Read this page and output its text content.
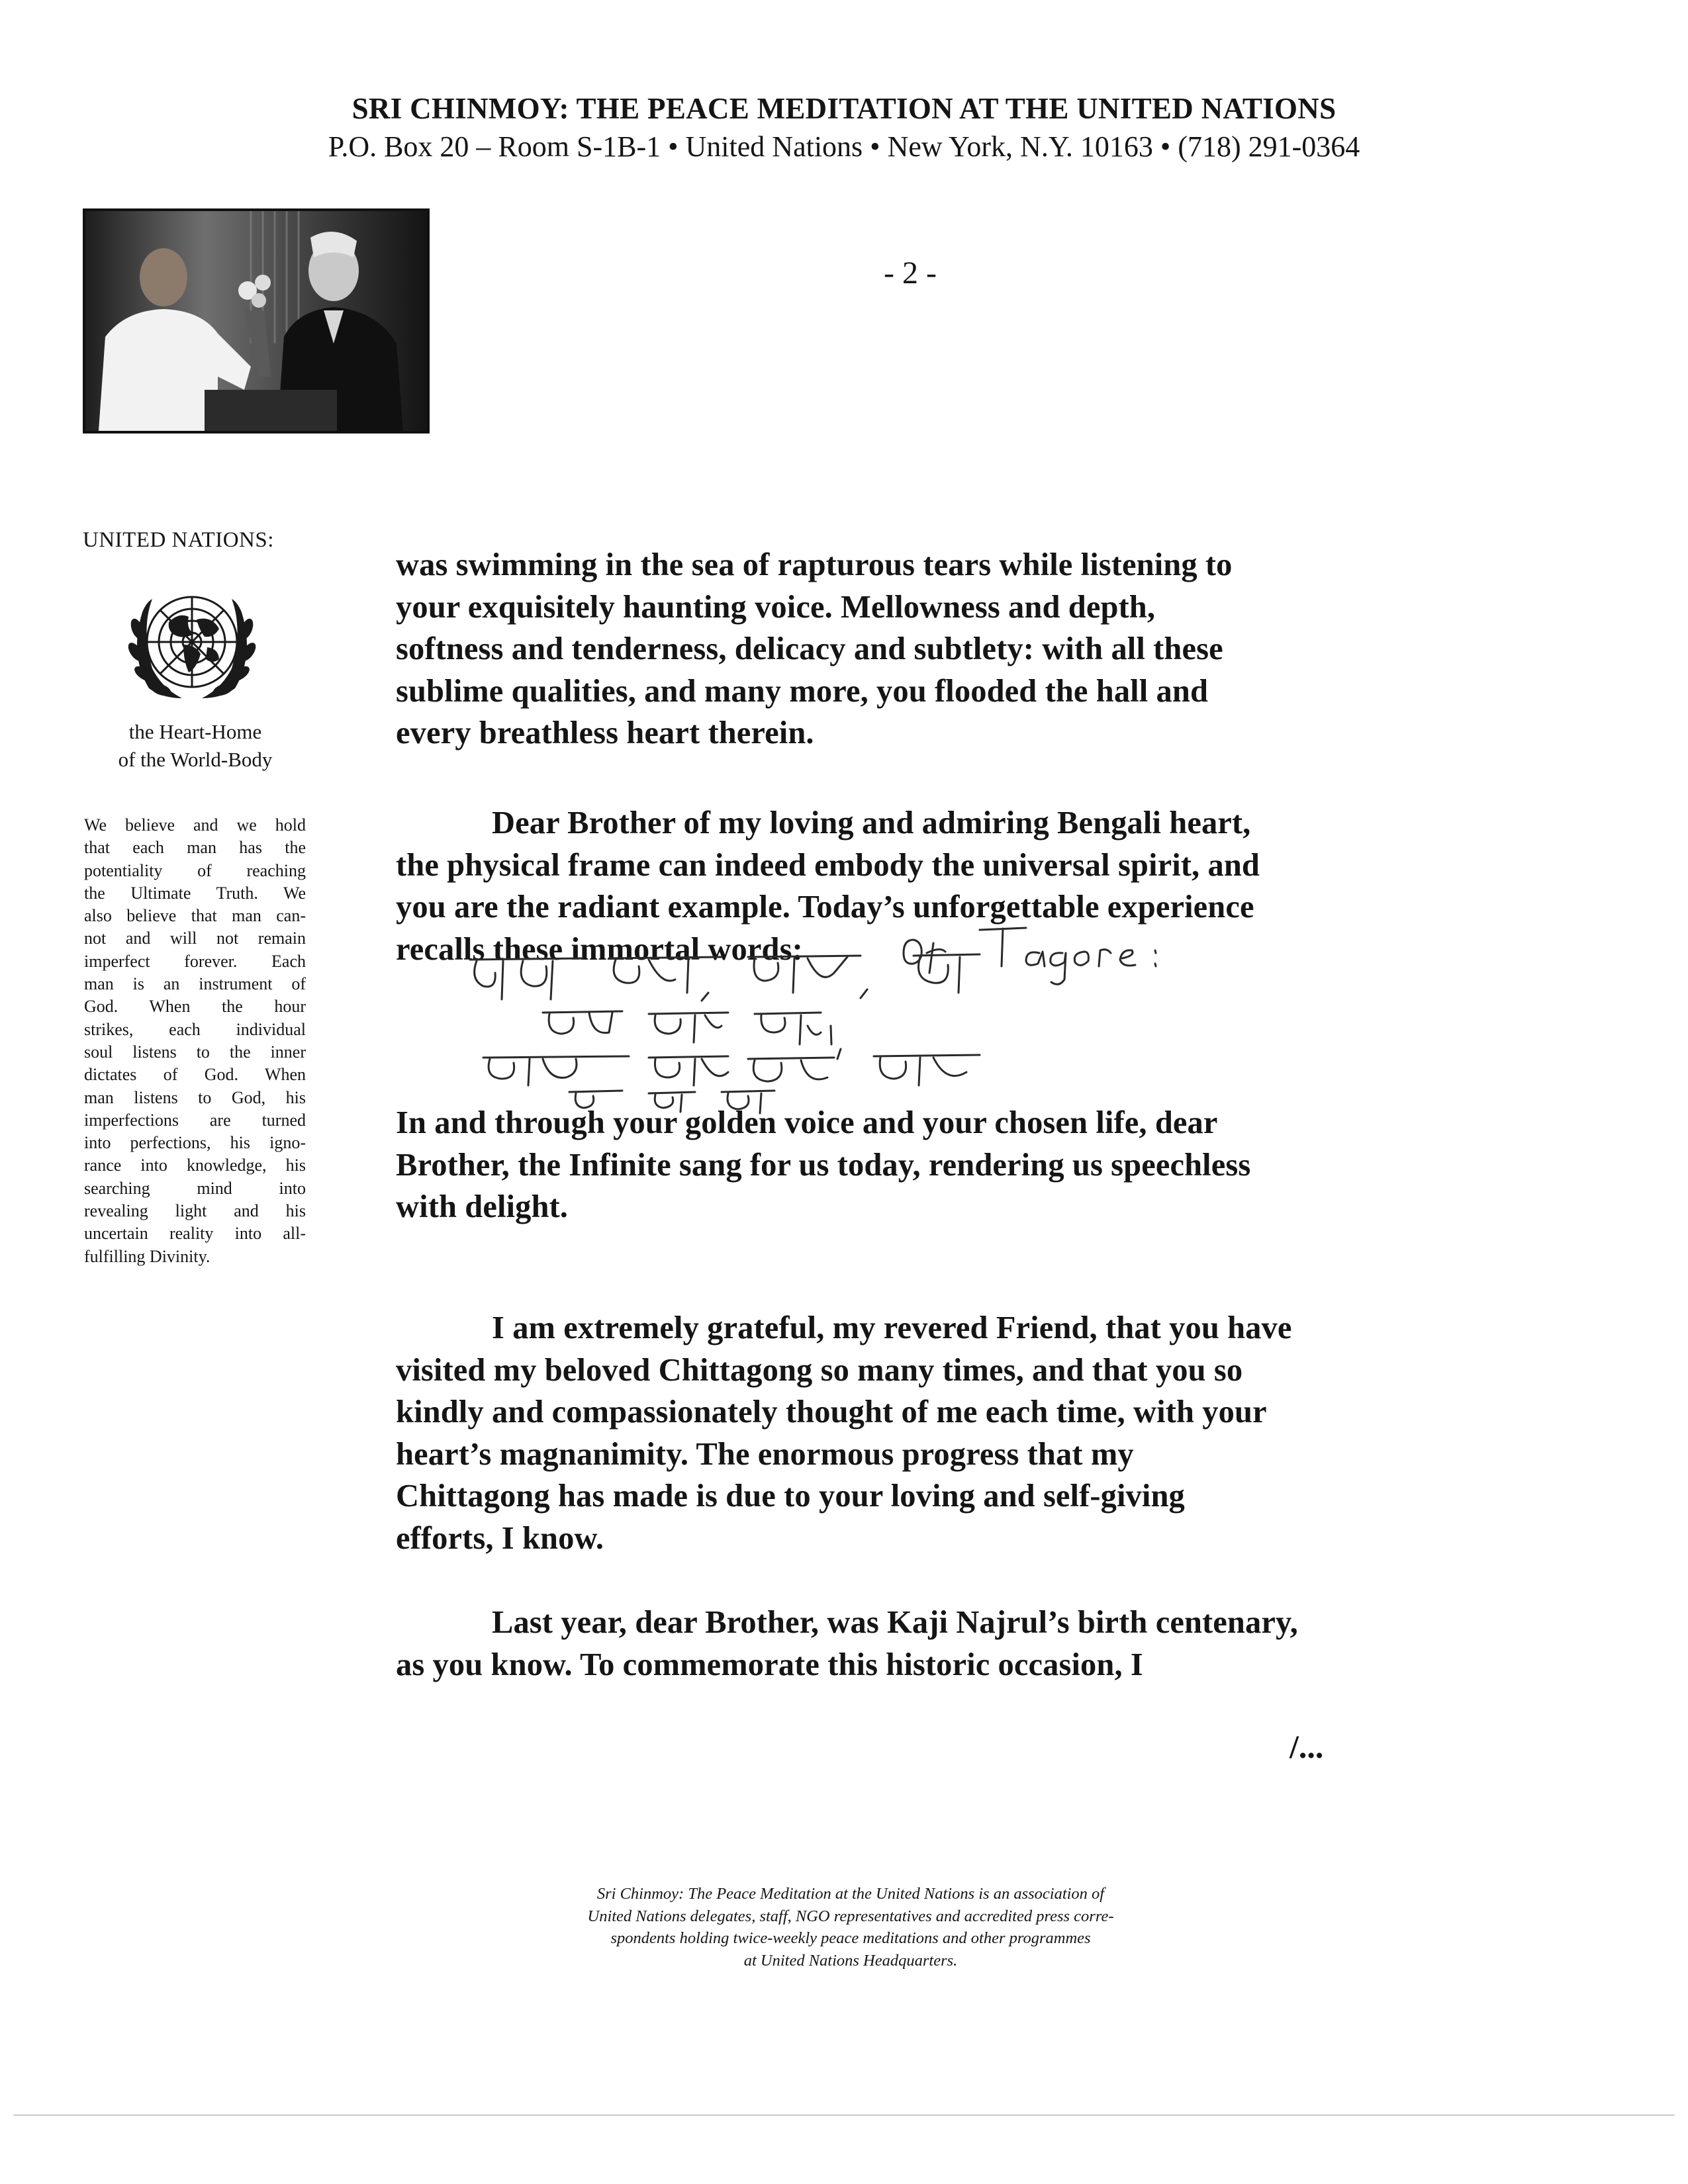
SRI CHINMOY: THE PEACE MEDITATION AT THE UNITED NATIONS
P.O. Box 20 – Room S-1B-1 • United Nations • New York, N.Y. 10163 • (718) 291-0364
- 2 -
UNITED NATIONS:
the Heart-Home
of the World-Body
We believe and we hold
that each man has the
potentiality of reaching
the Ultimate Truth. We
also believe that man can-
not and will not remain
imperfect forever. Each
man is an instrument of
God. When the hour
strikes, each individual
soul listens to the inner
dictates of God. When
man listens to God, his
imperfections are turned
into perfections, his igno-
rance into knowledge, his
searching mind into
revealing light and his
uncertain reality into all-
fulfilling Divinity.
was swimming in the sea of rapturous tears while listening to
your exquisitely haunting voice. Mellowness and depth,
softness and tenderness, delicacy and subtlety: with all these
sublime qualities, and many more, you flooded the hall and
every breathless heart therein.
Dear Brother of my loving and admiring Bengali heart,
the physical frame can indeed embody the universal spirit, and
you are the radiant example. Today’s unforgettable experience
recalls these immortal words:	of Tagore :
In and through your golden voice and your chosen life, dear
Brother, the Infinite sang for us today, rendering us speechless
with delight.
I am extremely grateful, my revered Friend, that you have
visited my beloved Chittagong so many times, and that you so
kindly and compassionately thought of me each time, with your
heart’s magnanimity. The enormous progress that my
Chittagong has made is due to your loving and self-giving
efforts, I know.
Last year, dear Brother, was Kaji Najrul’s birth centenary,
as you know. To commemorate this historic occasion, I
/...
Sri Chinmoy: The Peace Meditation at the United Nations is an association of
United Nations delegates, staff, NGO representatives and accredited press corre-
spondents holding twice-weekly peace meditations and other programmes
at United Nations Headquarters.
